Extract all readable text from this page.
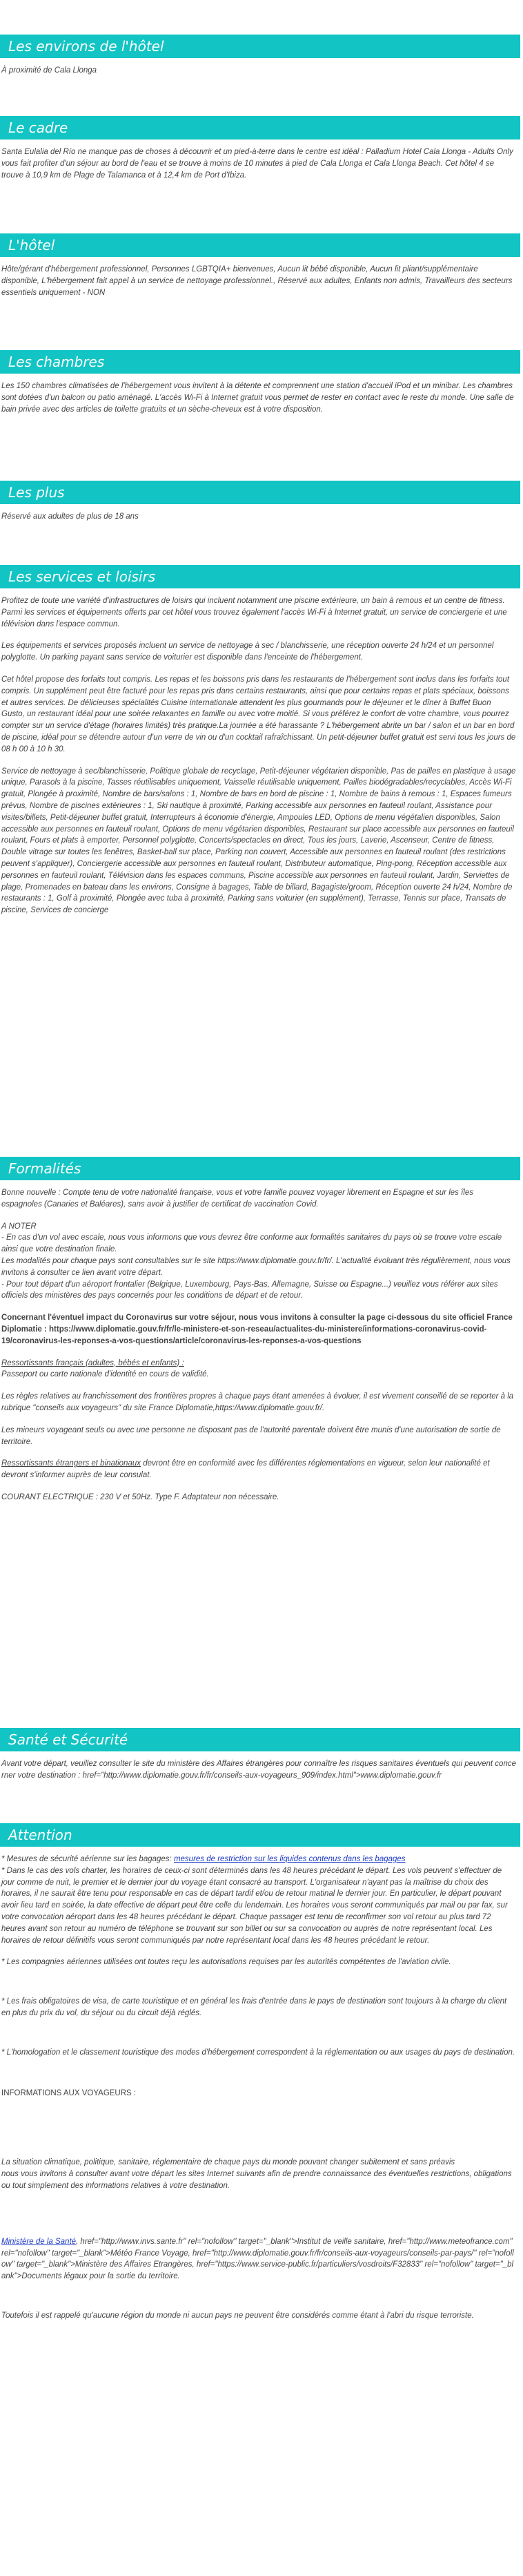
Les environs de l'hôtel

À proximité de Cala Llonga

Le cadre

Santa Eulalia del Río ne manque pas de choses à découvrir et un pied-à-terre dans le centre est idéal : Palladium Hotel Cala Llonga - Adults Only vous fait profiter d'un séjour au bord de l'eau et se trouve à moins de 10 minutes à pied de Cala Llonga et Cala Llonga Beach. Cet hôtel 4 se trouve à 10,9 km de Plage de Talamanca et à 12,4 km de Port d'Ibiza.

L'hôtel

Hôte/gérant d'hébergement professionnel, Personnes LGBTQIA+ bienvenues, Aucun lit bébé disponible, Aucun lit pliant/supplémentaire disponible, L'hébergement fait appel à un service de nettoyage professionnel., Réservé aux adultes, Enfants non admis, Travailleurs des secteurs essentiels uniquement - NON

Les chambres

Les 150 chambres climatisées de l'hébergement vous invitent à la détente et comprennent une station d'accueil iPod et un minibar. Les chambres sont dotées d'un balcon ou patio aménagé. L'accès Wi-Fi à Internet gratuit vous permet de rester en contact avec le reste du monde. Une salle de bain privée avec des articles de toilette gratuits et un sèche-cheveux est à votre disposition.

Les plus

Réservé aux adultes de plus de 18 ans

Les services et loisirs

Profitez de toute une variété d'infrastructures de loisirs qui incluent notamment une piscine extérieure, un bain à remous et un centre de fitness. Parmi les services et équipements offerts par cet hôtel vous trouvez également l'accès Wi-Fi à Internet gratuit, un service de conciergerie et une télévision dans l'espace commun.

Les équipements et services proposés incluent un service de nettoyage à sec / blanchisserie, une réception ouverte 24 h/24 et un personnel polyglotte. Un parking payant sans service de voiturier est disponible dans l'enceinte de l'hébergement.

Cet hôtel propose des forfaits tout compris. Les repas et les boissons pris dans les restaurants de l'hébergement sont inclus dans les forfaits tout compris. Un supplément peut être facturé pour les repas pris dans certains restaurants, ainsi que pour certains repas et plats spéciaux, boissons et autres services. De délicieuses spécialités Cuisine internationale attendent les plus gourmands pour le déjeuner et le dîner à Buffet Buon Gusto, un restaurant idéal pour une soirée relaxantes en famille ou avec votre moitié. Si vous préférez le confort de votre chambre, vous pourrez compter sur un service d'étage (horaires limités) très pratique.La journée a été harassante ? L'hébergement abrite un bar / salon et un bar en bord de piscine, idéal pour se détendre autour d'un verre de vin ou d'un cocktail rafraîchissant. Un petit-déjeuner buffet gratuit est servi tous les jours de 08 h 00 à 10 h 30.

Service de nettoyage à sec/blanchisserie, Politique globale de recyclage, Petit-déjeuner végétarien disponible, Pas de pailles en plastique à usage unique, Parasols à la piscine, Tasses réutilisables uniquement, Vaisselle réutilisable uniquement, Pailles biodégradables/recyclables, Accès Wi-Fi gratuit, Plongée à proximité, Nombre de bars/salons : 1, Nombre de bars en bord de piscine : 1, Nombre de bains à remous : 1, Espaces fumeurs prévus, Nombre de piscines extérieures : 1, Ski nautique à proximité, Parking accessible aux personnes en fauteuil roulant, Assistance pour visites/billets, Petit-déjeuner buffet gratuit, Interrupteurs à économie d'énergie, Ampoules LED, Options de menu végétalien disponibles, Salon accessible aux personnes en fauteuil roulant, Options de menu végétarien disponibles, Restaurant sur place accessible aux personnes en fauteuil roulant, Fours et plats à emporter, Personnel polyglotte, Concerts/spectacles en direct, Tous les jours, Laverie, Ascenseur, Centre de fitness, Double vitrage sur toutes les fenêtres, Basket-ball sur place, Parking non couvert, Accessible aux personnes en fauteuil roulant (des restrictions peuvent s'appliquer), Conciergerie accessible aux personnes en fauteuil roulant, Distributeur automatique, Ping-pong, Réception accessible aux personnes en fauteuil roulant, Télévision dans les espaces communs, Piscine accessible aux personnes en fauteuil roulant, Jardin, Serviettes de plage, Promenades en bateau dans les environs, Consigne à bagages, Table de billard, Bagagiste/groom, Réception ouverte 24 h/24, Nombre de restaurants : 1, Golf à proximité, Plongée avec tuba à proximité, Parking sans voiturier (en supplément), Terrasse, Tennis sur place, Transats de piscine, Services de concierge

Formalités

Bonne nouvelle : Compte tenu de votre nationalité française, vous et votre famille pouvez voyager librement en Espagne et sur les îles espagnoles (Canaries et Baléares), sans avoir à justifier de certificat de vaccination Covid.

A NOTER
- En cas d'un vol avec escale, nous vous informons que vous devrez être conforme aux formalités sanitaires du pays où se trouve votre escale ainsi que votre destination finale.
Les modalités pour chaque pays sont consultables sur le site https://www.diplomatie.gouv.fr/fr/. L'actualité évoluant très régulièrement, nous vous invitons à consulter ce lien avant votre départ.
- Pour tout départ d'un aéroport frontalier (Belgique, Luxembourg, Pays-Bas, Allemagne, Suisse ou Espagne...) veuillez vous référer aux sites officiels des ministères des pays concernés pour les conditions de départ et de retour.

Concernant l'éventuel impact du Coronavirus sur votre séjour, nous vous invitons à consulter la page ci-dessous du site officiel France Diplomatie : https://www.diplomatie.gouv.fr/fr/le-ministere-et-son-reseau/actualites-du-ministere/informations-coronavirus-covid-19/coronavirus-les-reponses-a-vos-questions/article/coronavirus-les-reponses-a-vos-questions

Ressortissants français (adultes, bébés et enfants) :
Passeport ou carte nationale d'identité en cours de validité.

Les règles relatives au franchissement des frontières propres à chaque pays étant amenées à évoluer, il est vivement conseillé de se reporter à la rubrique "conseils aux voyageurs" du site France Diplomatie,https://www.diplomatie.gouv.fr/.

Les mineurs voyageant seuls ou avec une personne ne disposant pas de l'autorité parentale doivent être munis d'une autorisation de sortie de territoire.

Ressortissants étrangers et binationaux devront être en conformité avec les différentes réglementations en vigueur, selon leur nationalité et devront s'informer auprès de leur consulat.

COURANT ELECTRIQUE : 230 V et 50Hz. Type F. Adaptateur non nécessaire.

Santé et Sécurité

Avant votre départ, veuillez consulter le site du ministère des Affaires étrangères pour connaître les risques sanitaires éventuels qui peuvent concerner votre destination : href="http://www.diplomatie.gouv.fr/fr/conseils-aux-voyageurs_909/index.html">www.diplomatie.gouv.fr

Attention

* Mesures de sécurité aérienne sur les bagages: mesures de restriction sur les liquides contenus dans les bagages
* Dans le cas des vols charter, les horaires de ceux-ci sont déterminés dans les 48 heures précédant le départ. Les vols peuvent s'effectuer de jour comme de nuit, le premier et le dernier jour du voyage étant consacré au transport. L'organisateur n'ayant pas la maîtrise du choix des horaires, il ne saurait être tenu pour responsable en cas de départ tardif et/ou de retour matinal le dernier jour. En particulier, le départ pouvant avoir lieu tard en soirée, la date effective de départ peut être celle du lendemain. Les horaires vous seront communiqués par mail ou par fax, sur votre convocation aéroport dans les 48 heures précédant le départ. Chaque passager est tenu de reconfirmer son vol retour au plus tard 72 heures avant son retour au numéro de téléphone se trouvant sur son billet ou sur sa convocation ou auprès de notre représentant local. Les horaires de retour définitifs vous seront communiqués par notre représentant local dans les 48 heures précédant le retour.

* Les compagnies aériennes utilisées ont toutes reçu les autorisations requises par les autorités compétentes de l'aviation civile.

* Les frais obligatoires de visa, de carte touristique et en général les frais d'entrée dans le pays de destination sont toujours à la charge du client en plus du prix du vol, du séjour ou du circuit déjà réglés.

* L'homologation et le classement touristique des modes d'hébergement correspondent à la réglementation ou aux usages du pays de destination.

INFORMATIONS AUX VOYAGEURS :

La situation climatique, politique, sanitaire, réglementaire de chaque pays du monde pouvant changer subitement et sans préavis
nous vous invitons à consulter avant votre départ les sites Internet suivants afin de prendre connaissance des éventuelles restrictions, obligations ou tout simplement des informations relatives à votre destination.

Ministère de la Santé, href="http://www.invs.sante.fr" rel="nofollow" target="_blank">Institut de veille sanitaire, href="http://www.meteofrance.com" rel="nofollow" target="_blank">Météo France Voyage, href="http://www.diplomatie.gouv.fr/fr/conseils-aux-voyageurs/conseils-par-pays/" rel="nofollow" target="_blank">Ministère des Affaires Etrangères, href="https://www.service-public.fr/particuliers/vosdroits/F32833" rel="nofollow" target="_blank">Documents légaux pour la sortie du territoire.

Toutefois il est rappelé qu'aucune région du monde ni aucun pays ne peuvent être considérés comme étant à l'abri du risque terroriste.
